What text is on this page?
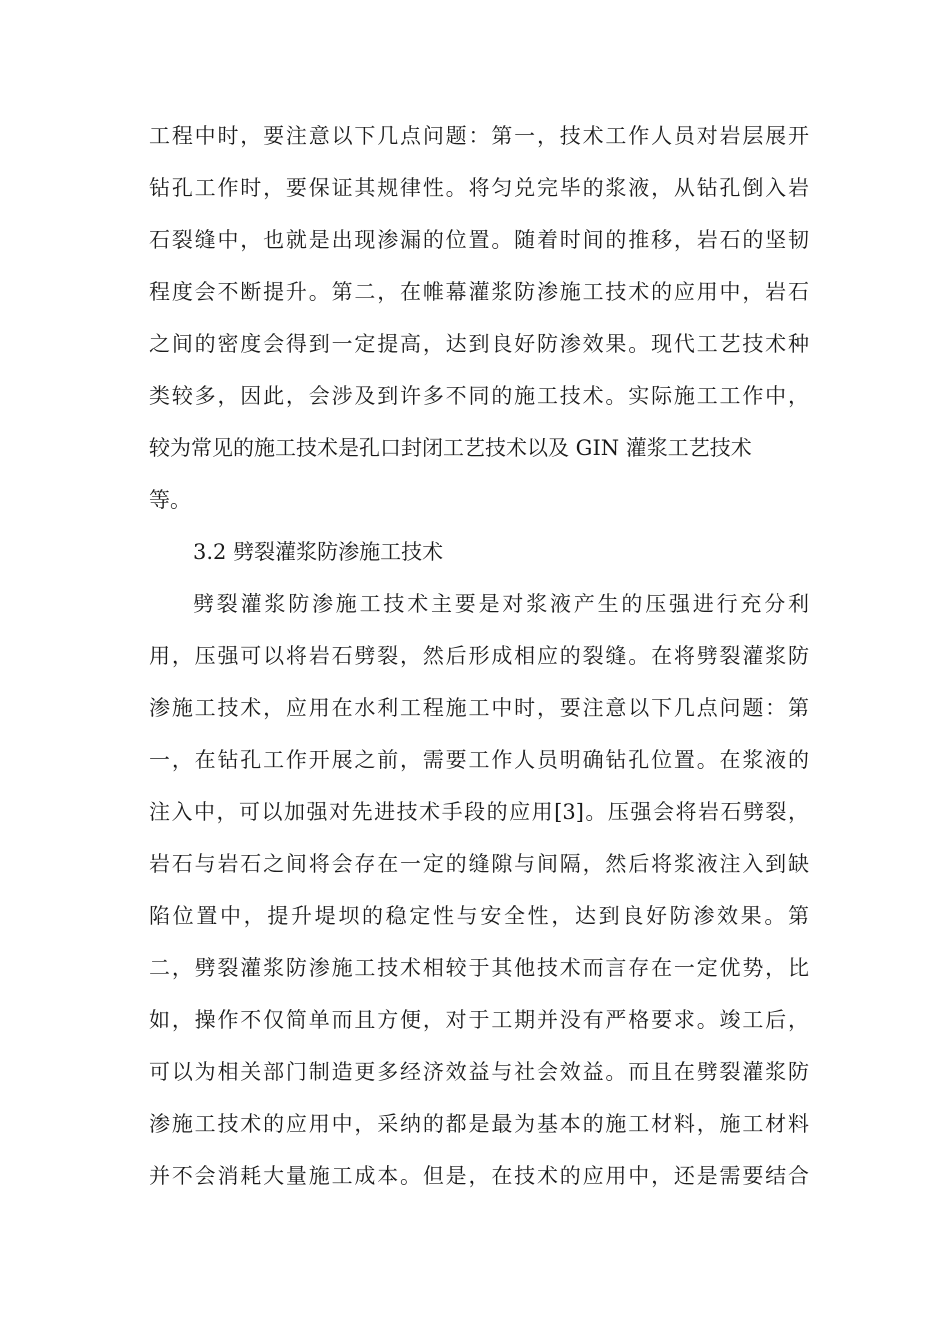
工程中时，要注意以下几点问题：第一，技术工作人员对岩层展开
钻孔工作时，要保证其规律性。将匀兑完毕的浆液，从钻孔倒入岩
石裂缝中，也就是出现渗漏的位置。随着时间的推移，岩石的坚韧
程度会不断提升。第二，在帷幕灌浆防渗施工技术的应用中，岩石
之间的密度会得到一定提高，达到良好防渗效果。现代工艺技术种
类较多，因此，会涉及到许多不同的施工技术。实际施工工作中，
较为常见的施工技术是孔口封闭工艺技术以及 GIN 灌浆工艺技术
等。
3.2 劈裂灌浆防渗施工技术
劈裂灌浆防渗施工技术主要是对浆液产生的压强进行充分利
用，压强可以将岩石劈裂，然后形成相应的裂缝。在将劈裂灌浆防
渗施工技术，应用在水利工程施工中时，要注意以下几点问题：第
一，在钻孔工作开展之前，需要工作人员明确钻孔位置。在浆液的
注入中，可以加强对先进技术手段的应用[3]。压强会将岩石劈裂，
岩石与岩石之间将会存在一定的缝隙与间隔，然后将浆液注入到缺
陷位置中，提升堤坝的稳定性与安全性，达到良好防渗效果。第
二，劈裂灌浆防渗施工技术相较于其他技术而言存在一定优势，比
如，操作不仅简单而且方便，对于工期并没有严格要求。竣工后，
可以为相关部门制造更多经济效益与社会效益。而且在劈裂灌浆防
渗施工技术的应用中，采纳的都是最为基本的施工材料，施工材料
并不会消耗大量施工成本。但是，在技术的应用中，还是需要结合
